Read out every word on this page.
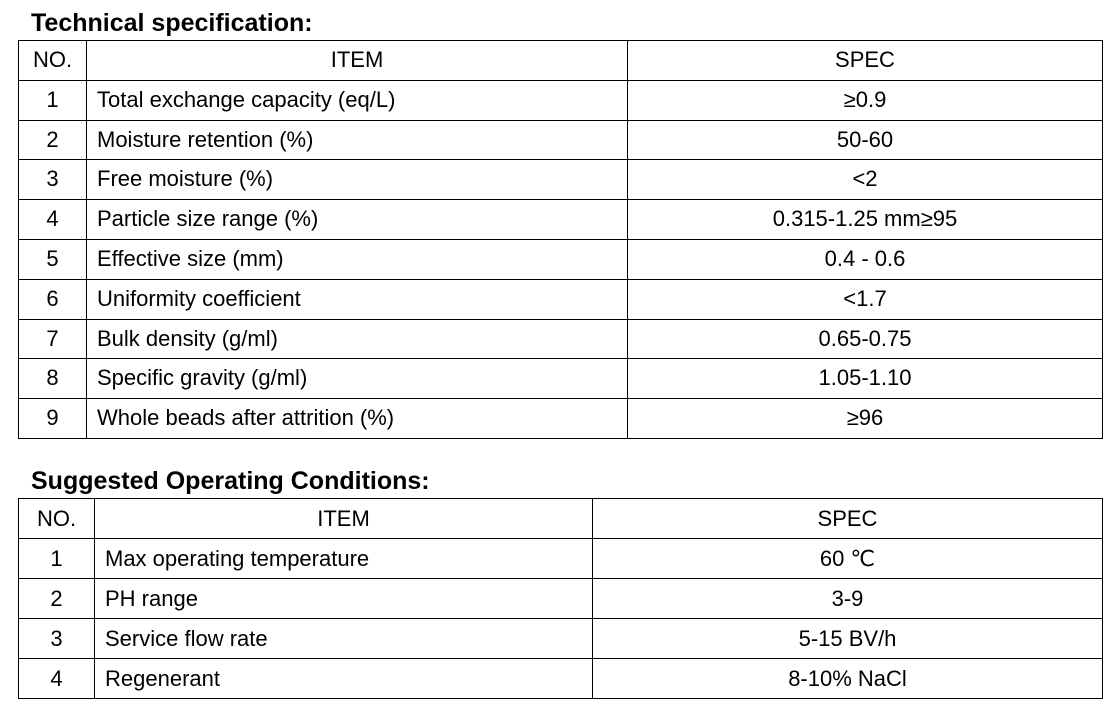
Technical specification:
NO.	ITEM	SPEC
1	Total exchange capacity (eq/L)	≥0.9
2	Moisture retention (%)	50-60
3	Free moisture (%)	<2
4	Particle size range (%)	0.315-1.25 mm≥95
5	Effective size (mm)	0.4 - 0.6
6	Uniformity coefficient	<1.7
7	Bulk density (g/ml)	0.65-0.75
8	Specific gravity (g/ml)	1.05-1.10
9	Whole beads after attrition (%)	≥96
Suggested Operating Conditions:
NO.	ITEM	SPEC
1	Max operating temperature	60 ℃
2	PH range	3-9
3	Service flow rate	5-15 BV/h
4	Regenerant	8-10% NaCl
